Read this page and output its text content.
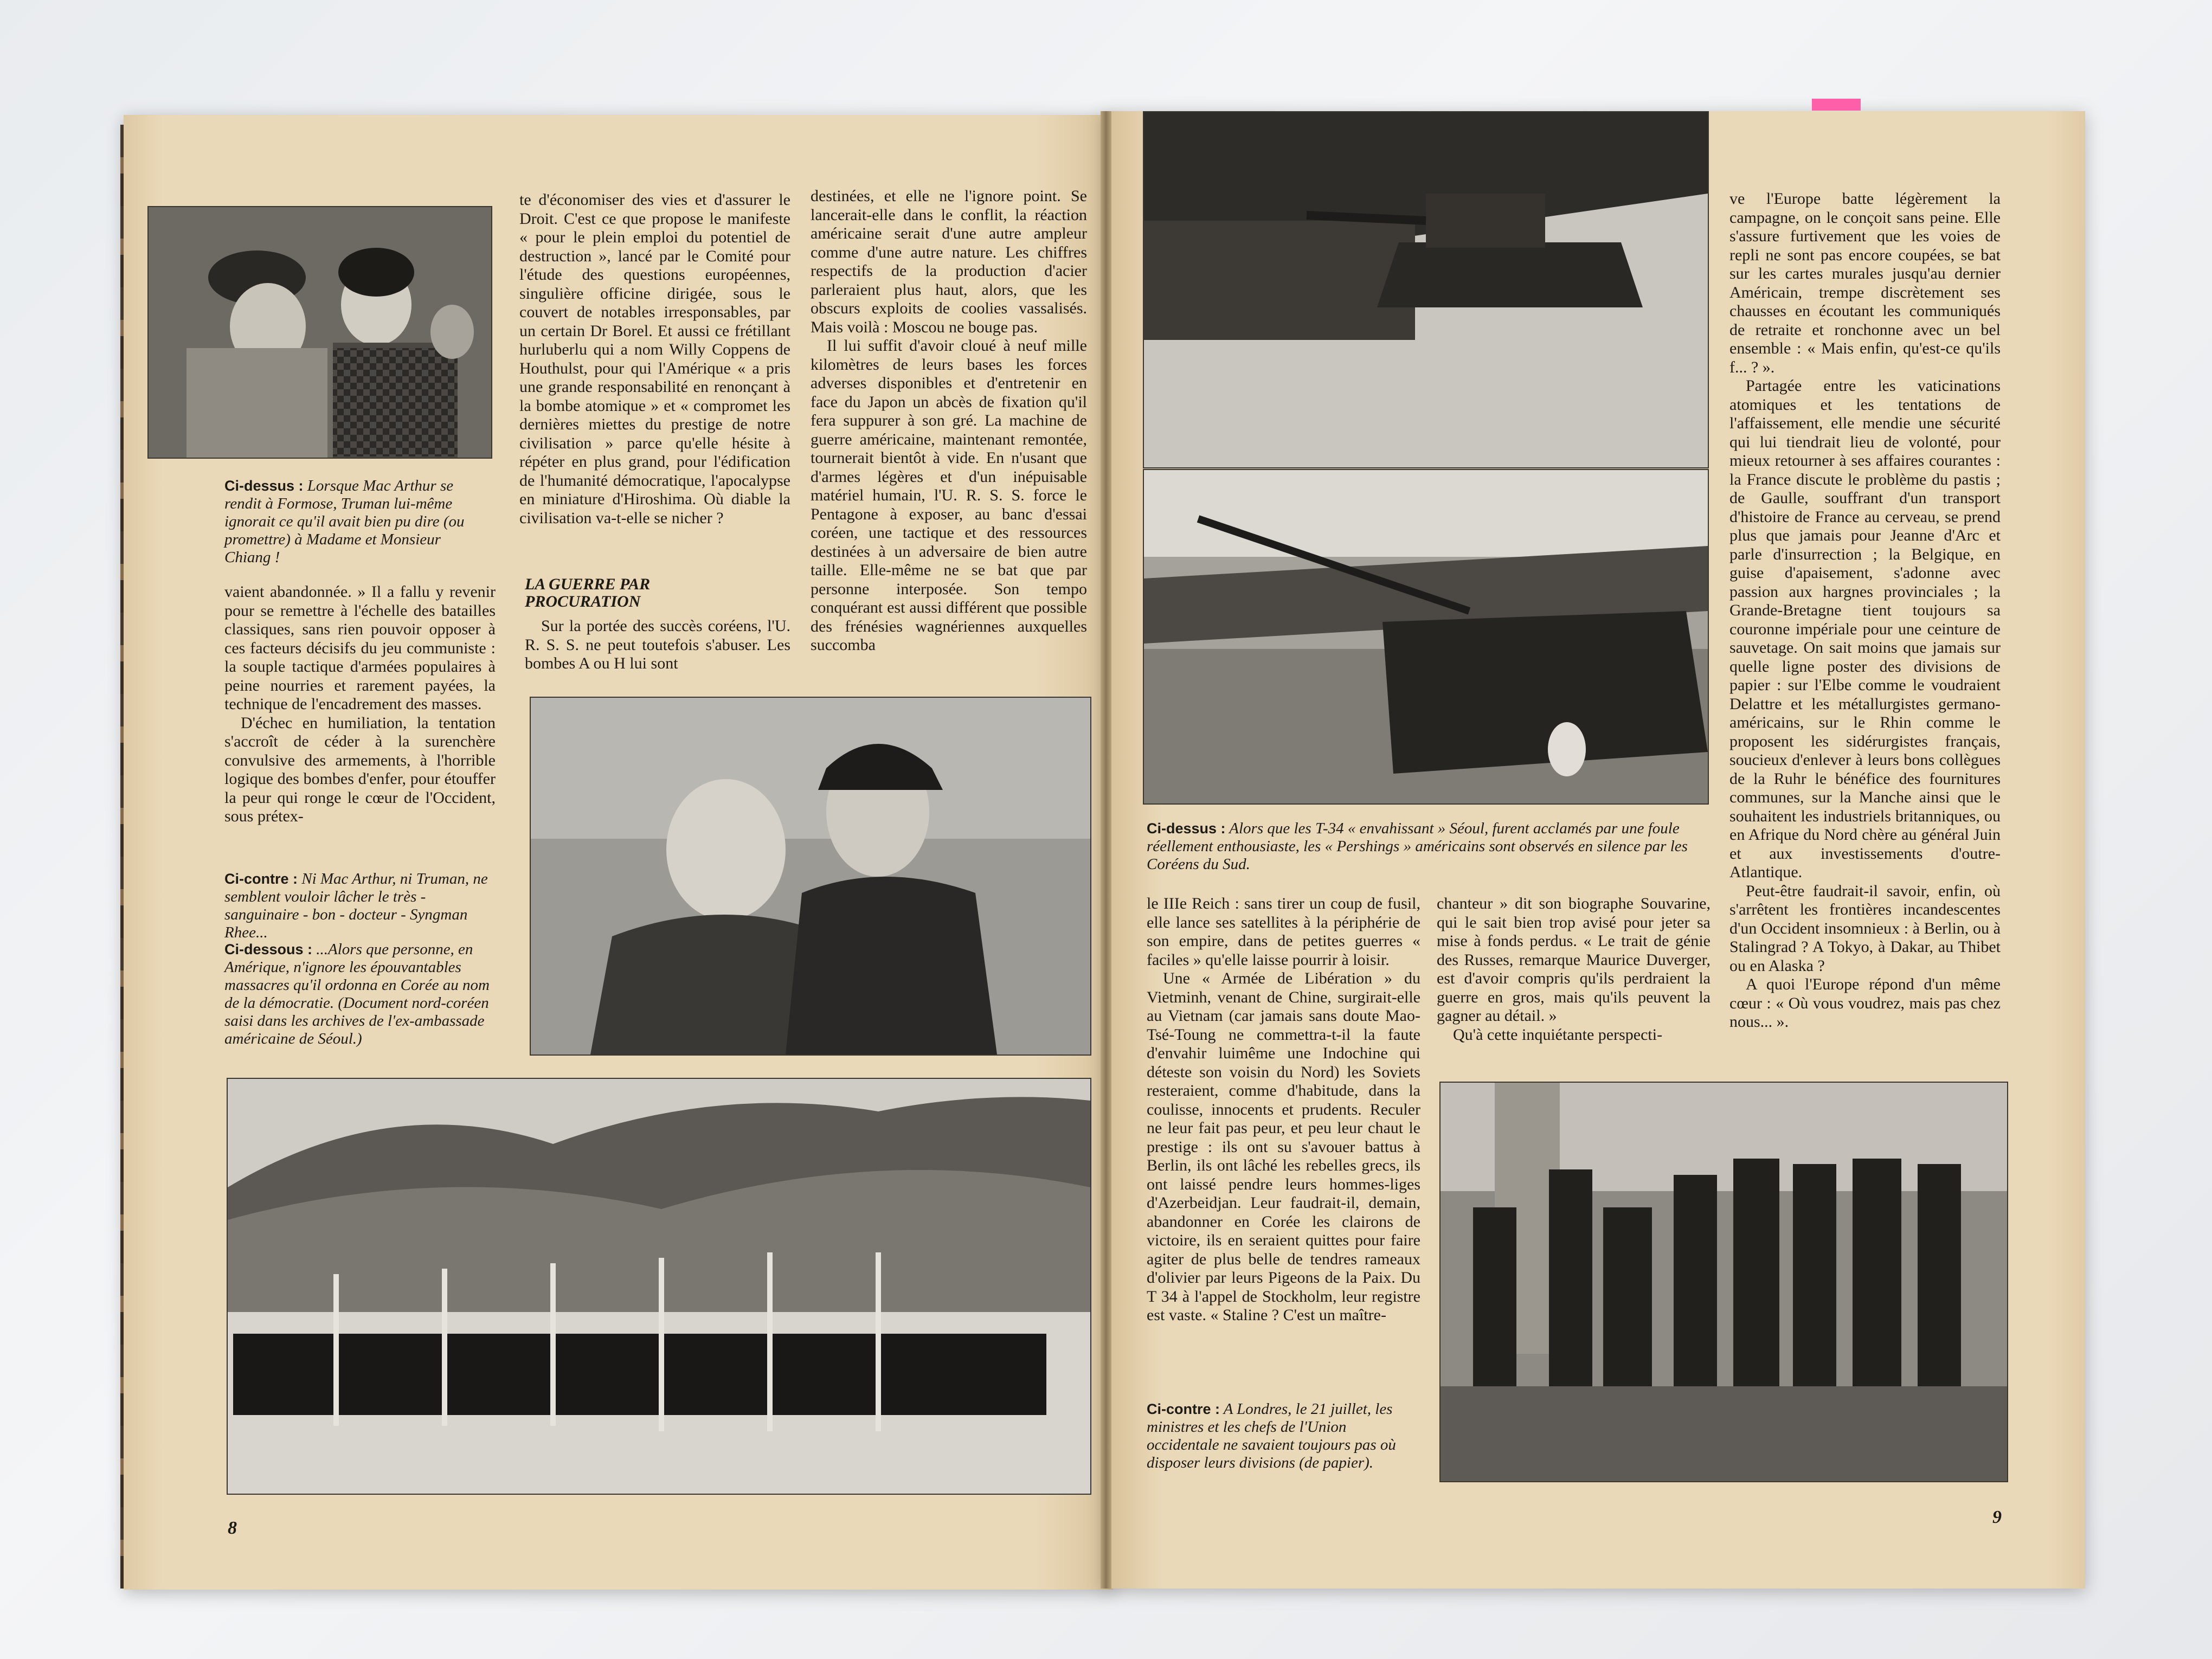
Ci-dessus : Lorsque Mac Arthur se rendit à Formose, Truman lui-même ignorait ce qu'il avait bien pu dire (ou promettre) à Madame et Monsieur Chiang !

vaient abandonnée. » Il a fallu y revenir pour se remettre à l'échelle des batailles classiques, sans rien pouvoir opposer à ces facteurs décisifs du jeu communiste : la souple tactique d'armées populaires à peine nourries et rarement payées, la technique de l'encadrement des masses.

D'échec en humiliation, la tentation s'accroît de céder à la surenchère convulsive des armements, à l'horrible logique des bombes d'enfer, pour étouffer la peur qui ronge le cœur de l'Occident, sous prétex-

Ci-contre : Ni Mac Arthur, ni Truman, ne semblent vouloir lâcher le très - sanguinaire - bon - docteur - Syngman Rhee...
Ci-dessous : ...Alors que personne, en Amérique, n'ignore les épouvantables massacres qu'il ordonna en Corée au nom de la démocratie. (Document nord-coréen saisi dans les archives de l'ex-ambassade américaine de Séoul.)

te d'économiser des vies et d'assurer le Droit. C'est ce que propose le manifeste « pour le plein emploi du potentiel de destruction », lancé par le Comité pour l'étude des questions européennes, singulière officine dirigée, sous le couvert de notables irresponsables, par un certain Dr Borel. Et aussi ce frétillant hurluberlu qui a nom Willy Coppens de Houthulst, pour qui l'Amérique « a pris une grande responsabilité en renonçant à la bombe atomique » et « compromet les dernières miettes du prestige de notre civilisation » parce qu'elle hésite à répéter en plus grand, pour l'édification de l'humanité démocratique, l'apocalypse en miniature d'Hiroshima. Où diable la civilisation va-t-elle se nicher ?

LA GUERRE PAR PROCURATION

Sur la portée des succès coréens, l'U. R. S. S. ne peut toutefois s'abuser. Les bombes A ou H lui sont

destinées, et elle ne l'ignore point. Se lancerait-elle dans le conflit, la réaction américaine serait d'une autre ampleur comme d'une autre nature. Les chiffres respectifs de la production d'acier parleraient plus haut, alors, que les obscurs exploits de coolies vassalisés. Mais voilà : Moscou ne bouge pas.

Il lui suffit d'avoir cloué à neuf mille kilomètres de leurs bases les forces adverses disponibles et d'entretenir en face du Japon un abcès de fixation qu'il fera suppurer à son gré. La machine de guerre américaine, maintenant remontée, tournerait bientôt à vide. En n'usant que d'armes légères et d'un inépuisable matériel humain, l'U. R. S. S. force le Pentagone à exposer, au banc d'essai coréen, une tactique et des ressources destinées à un adversaire de bien autre taille. Elle-même ne se bat que par personne interposée. Son tempo conquérant est aussi différent que possible des frénésies wagnériennes auxquelles succomba

8
Ci-dessus : Alors que les T-34 « envahissant » Séoul, furent acclamés par une foule réellement enthousiaste, les « Pershings » américains sont observés en silence par les Coréens du Sud.

le IIIe Reich : sans tirer un coup de fusil, elle lance ses satellites à la périphérie de son empire, dans de petites guerres « faciles » qu'elle laisse pourrir à loisir.

Une « Armée de Libération » du Vietminh, venant de Chine, surgirait-elle au Vietnam (car jamais sans doute Mao-Tsé-Toung ne commettra-t-il la faute d'envahir luimême une Indochine qui déteste son voisin du Nord) les Soviets resteraient, comme d'habitude, dans la coulisse, innocents et prudents. Reculer ne leur fait pas peur, et peu leur chaut le prestige : ils ont su s'avouer battus à Berlin, ils ont lâché les rebelles grecs, ils ont laissé pendre leurs hommes-liges d'Azerbeidjan. Leur faudrait-il, demain, abandonner en Corée les clairons de victoire, ils en seraient quittes pour faire agiter de plus belle de tendres rameaux d'olivier par leurs Pigeons de la Paix. Du T 34 à l'appel de Stockholm, leur registre est vaste. « Staline ? C'est un maître-

Ci-contre : A Londres, le 21 juillet, les ministres et les chefs de l'Union occidentale ne savaient toujours pas où disposer leurs divisions (de papier).

chanteur » dit son biographe Souvarine, qui le sait bien trop avisé pour jeter sa mise à fonds perdus. « Le trait de génie des Russes, remarque Maurice Duverger, est d'avoir compris qu'ils perdraient la guerre en gros, mais qu'ils peuvent la gagner au détail. »

Qu'à cette inquiétante perspecti-

ve l'Europe batte légèrement la campagne, on le conçoit sans peine. Elle s'assure furtivement que les voies de repli ne sont pas encore coupées, se bat sur les cartes murales jusqu'au dernier Américain, trempe discrètement ses chausses en écoutant les communiqués de retraite et ronchonne avec un bel ensemble : « Mais enfin, qu'est-ce qu'ils f... ? ».

Partagée entre les vaticinations atomiques et les tentations de l'affaissement, elle mendie une sécurité qui lui tiendrait lieu de volonté, pour mieux retourner à ses affaires courantes : la France discute le problème du pastis ; de Gaulle, souffrant d'un transport d'histoire de France au cerveau, se prend plus que jamais pour Jeanne d'Arc et parle d'insurrection ; la Belgique, en guise d'apaisement, s'adonne avec passion aux hargnes provinciales ; la Grande-Bretagne tient toujours sa couronne impériale pour une ceinture de sauvetage. On sait moins que jamais sur quelle ligne poster des divisions de papier : sur l'Elbe comme le voudraient Delattre et les métallurgistes germano-américains, sur le Rhin comme le proposent les sidérurgistes français, soucieux d'enlever à leurs bons collègues de la Ruhr le bénéfice des fournitures communes, sur la Manche ainsi que le souhaitent les industriels britanniques, ou en Afrique du Nord chère au général Juin et aux investissements d'outre-Atlantique.

Peut-être faudrait-il savoir, enfin, où s'arrêtent les frontières incandescentes d'un Occident insomnieux : à Berlin, ou à Stalingrad ? A Tokyo, à Dakar, au Thibet ou en Alaska ?

A quoi l'Europe répond d'un même cœur : « Où vous voudrez, mais pas chez nous... ».

9
